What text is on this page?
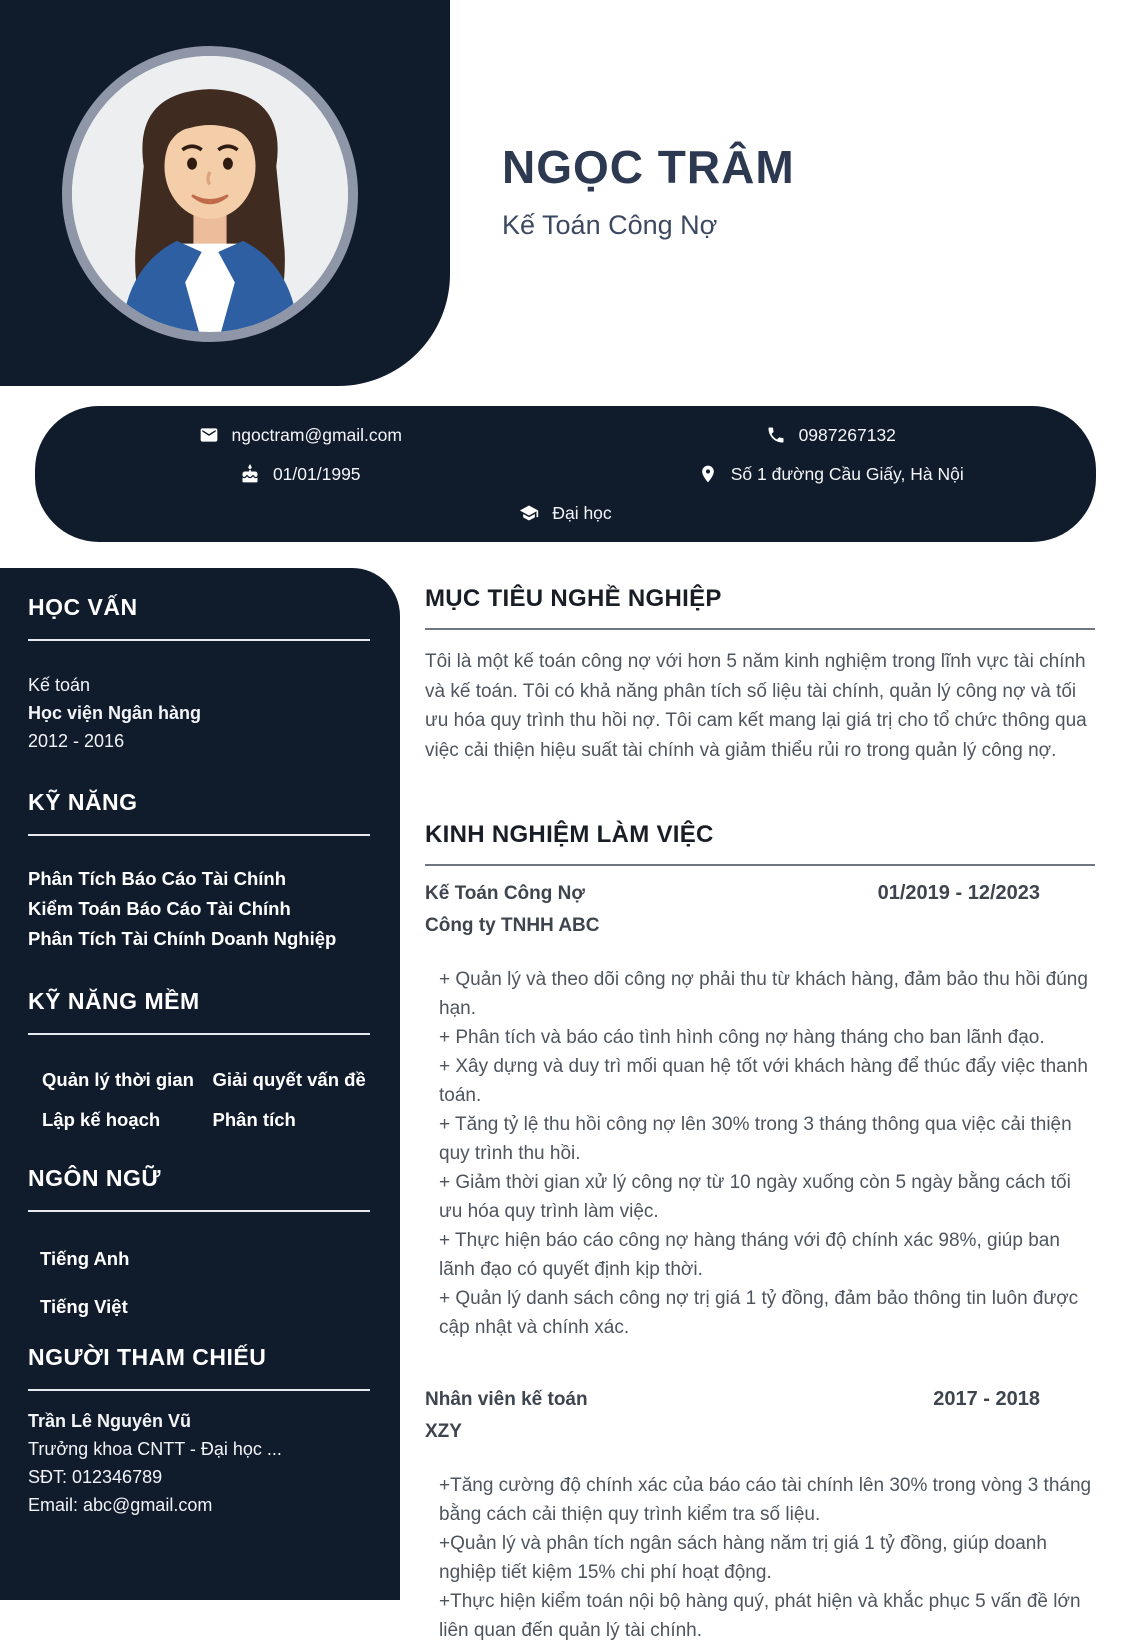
NGỌC TRÂM
Kế Toán Công Nợ
ngoctram@gmail.com	0987267132
01/01/1995	Số 1 đường Cầu Giấy, Hà Nội
Đại học
HỌC VẤN
Kế toán
Học viện Ngân hàng
2012 - 2016
KỸ NĂNG
Phân Tích Báo Cáo Tài Chính
Kiểm Toán Báo Cáo Tài Chính
Phân Tích Tài Chính Doanh Nghiệp
KỸ NĂNG MỀM
Quản lý thời gian	Giải quyết vấn đề
Lập kế hoạch	Phân tích
NGÔN NGỮ
Tiếng Anh
Tiếng Việt
NGƯỜI THAM CHIẾU
Trần Lê Nguyên Vũ
Trưởng khoa CNTT - Đại học ...
SĐT: 012346789
Email: abc@gmail.com
MỤC TIÊU NGHỀ NGHIỆP

Tôi là một kế toán công nợ với hơn 5 năm kinh nghiệm trong lĩnh vực tài chính và kế toán. Tôi có khả năng phân tích số liệu tài chính, quản lý công nợ và tối ưu hóa quy trình thu hồi nợ. Tôi cam kết mang lại giá trị cho tổ chức thông qua việc cải thiện hiệu suất tài chính và giảm thiểu rủi ro trong quản lý công nợ.

KINH NGHIỆM LÀM VIỆC
Kế Toán Công Nợ	01/2019 - 12/2023
Công ty TNHH ABC
+ Quản lý và theo dõi công nợ phải thu từ khách hàng, đảm bảo thu hồi đúng hạn.
+ Phân tích và báo cáo tình hình công nợ hàng tháng cho ban lãnh đạo.
+ Xây dựng và duy trì mối quan hệ tốt với khách hàng để thúc đẩy việc thanh toán.
+ Tăng tỷ lệ thu hồi công nợ lên 30% trong 3 tháng thông qua việc cải thiện quy trình thu hồi.
+ Giảm thời gian xử lý công nợ từ 10 ngày xuống còn 5 ngày bằng cách tối ưu hóa quy trình làm việc.
+ Thực hiện báo cáo công nợ hàng tháng với độ chính xác 98%, giúp ban lãnh đạo có quyết định kịp thời.
+ Quản lý danh sách công nợ trị giá 1 tỷ đồng, đảm bảo thông tin luôn được cập nhật và chính xác.
Nhân viên kế toán	2017 - 2018
XZY
+Tăng cường độ chính xác của báo cáo tài chính lên 30% trong vòng 3 tháng bằng cách cải thiện quy trình kiểm tra số liệu.
+Quản lý và phân tích ngân sách hàng năm trị giá 1 tỷ đồng, giúp doanh nghiệp tiết kiệm 15% chi phí hoạt động.
+Thực hiện kiểm toán nội bộ hàng quý, phát hiện và khắc phục 5 vấn đề lớn liên quan đến quản lý tài chính.
